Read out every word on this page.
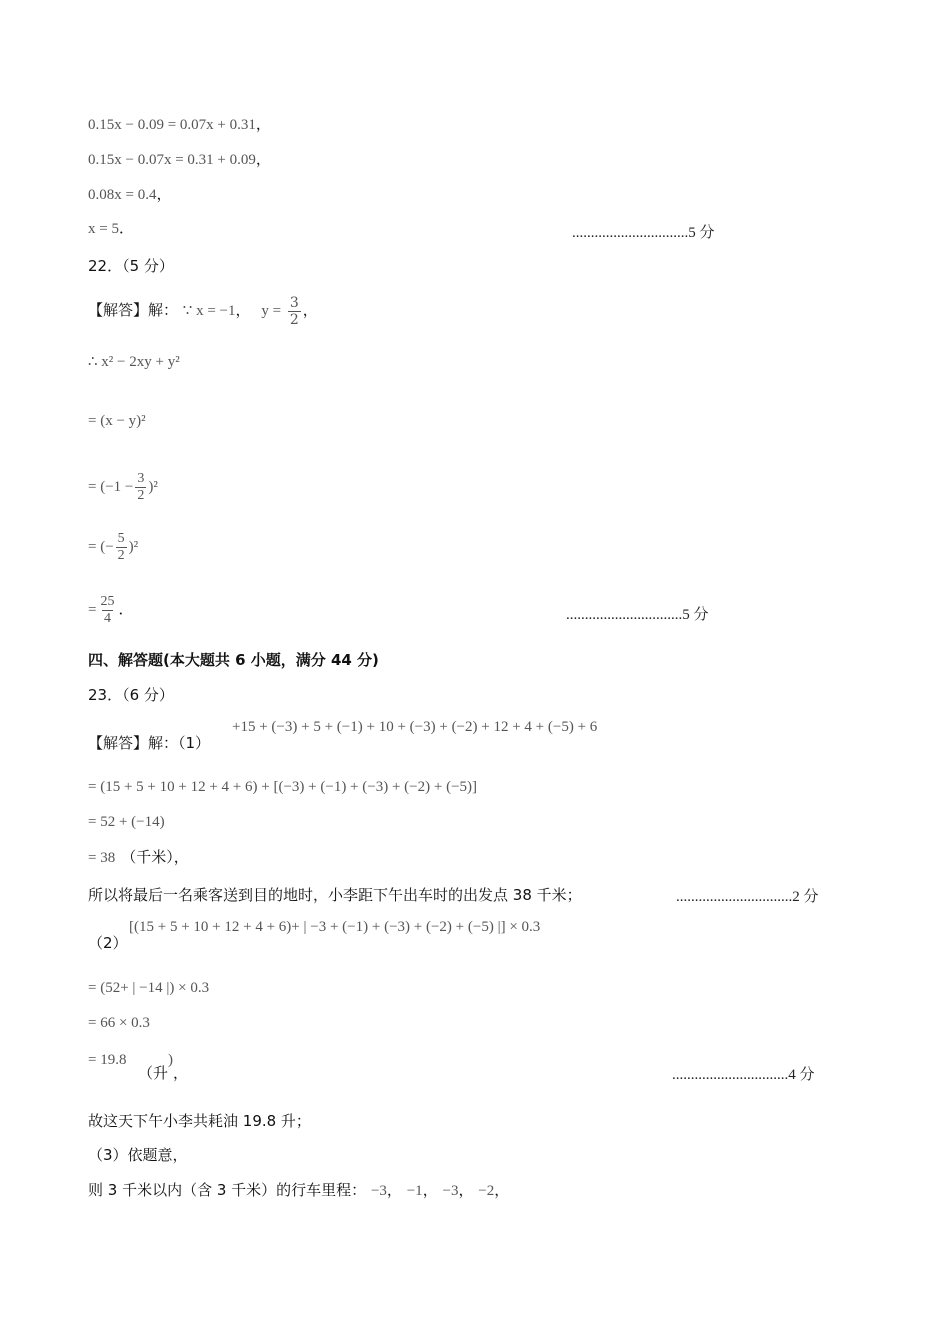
0.15x − 0.09 = 0.07x + 0.31，
0.15x − 0.07x = 0.31 + 0.09，
0.08x = 0.4，
x = 5．	...............................5 分
22．（5 分）
【解答】解： ∵ x = −1， $y = \frac{3}{2}$ ，
∴ x² − 2xy + y²
= (x − y)²
= $(-1 - \frac{3}{2} )^2$
= (− $\frac{5}{2} )^2$
= $\frac{25}{4}$ ．	...............................5 分
四、解答题(本大题共 6 小题，满分 44 分)
23．（6 分）
+15 + (−3) + 5 + (−1) + 10 + (−3) + (−2) + 12 + 4 + (−5) + 6
【解答】解：（1）
= (15 + 5 + 10 + 12 + 4 + 6) + [(−3) + (−1) + (−3) + (−2) + (−5)]
= 52 + (−14)
= 38 （千米），
所以将最后一名乘客送到目的地时，小李距下午出车时的出发点 38 千米；	...............................2 分
[(15 + 5 + 10 + 12 + 4 + 6)+ | −3 + (−1) + (−3) + (−2) + (−5) |] × 0.3
（2）
= (52+ | −14 |) × 0.3
= 66 × 0.3
= 19.8
（升)，	...............................4 分
故这天下午小李共耗油 19.8 升；
（3）依题意，
则 3 千米以内（含 3 千米）的行车里程： −3， −1， −3， −2，
